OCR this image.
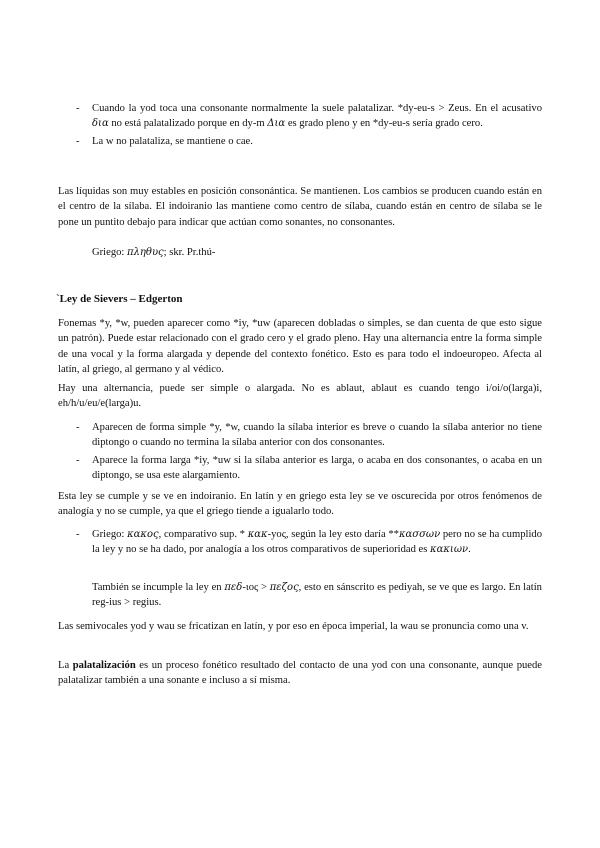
- Cuando la yod toca una consonante normalmente la suele palatalizar. *dy-eu-s > Zeus. En el acusativo δια no está palatalizado porque en dy-m Δια es grado pleno y en *dy-eu-s sería grado cero.
- La w no palataliza, se mantiene o cae.

Las líquidas son muy estables en posición consonántica. Se mantienen. Los cambios se producen cuando están en el centro de la sílaba. El indoiranio las mantiene como centro de sílaba, cuando están en centro de sílaba se le pone un puntito debajo para indicar que actúan como sonantes, no consonantes.

Griego: πληθυς; skr. Pr.thú-

`Ley de Sievers – Edgerton

Fonemas *y, *w, pueden aparecer como *iy, *uw (aparecen dobladas o simples, se dan cuenta de que esto sigue un patrón). Puede estar relacionado con el grado cero y el grado pleno. Hay una alternancia entre la forma simple de una vocal y la forma alargada y depende del contexto fonético. Esto es para todo el indoeuropeo. Afecta al latín, al griego, al germano y al védico.

Hay una alternancia, puede ser simple o alargada. No es ablaut, ablaut es cuando tengo i/oi/o(larga)i, eh/h/u/eu/e(larga)u.

- Aparecen de forma simple *y, *w, cuando la sílaba interior es breve o cuando la sílaba anterior no tiene diptongo o cuando no termina la sílaba anterior con dos consonantes.
- Aparece la forma larga *iy, *uw si la sílaba anterior es larga, o acaba en dos consonantes, o acaba en un diptongo, se usa este alargamiento.

Esta ley se cumple y se ve en indoiranio. En latín y en griego esta ley se ve oscurecida por otros fenómenos de analogía y no se cumple, ya que el griego tiende a igualarlo todo.

- Griego: κακος, comparativo sup. * κακ-yος, según la ley esto daría **κασσων pero no se ha cumplido la ley y no se ha dado, por analogía a los otros comparativos de superioridad es κακιων.

También se incumple la ley en πεδ-ιος > πεζος, esto en sánscrito es pediyah, se ve que es largo. En latín reg-ius > regius.

Las semivocales yod y wau se fricatizan en latín, y por eso en época imperial, la wau se pronuncia como una v.

La palatalización es un proceso fonético resultado del contacto de una yod con una consonante, aunque puede palatalizar también a una sonante e incluso a sí misma.
